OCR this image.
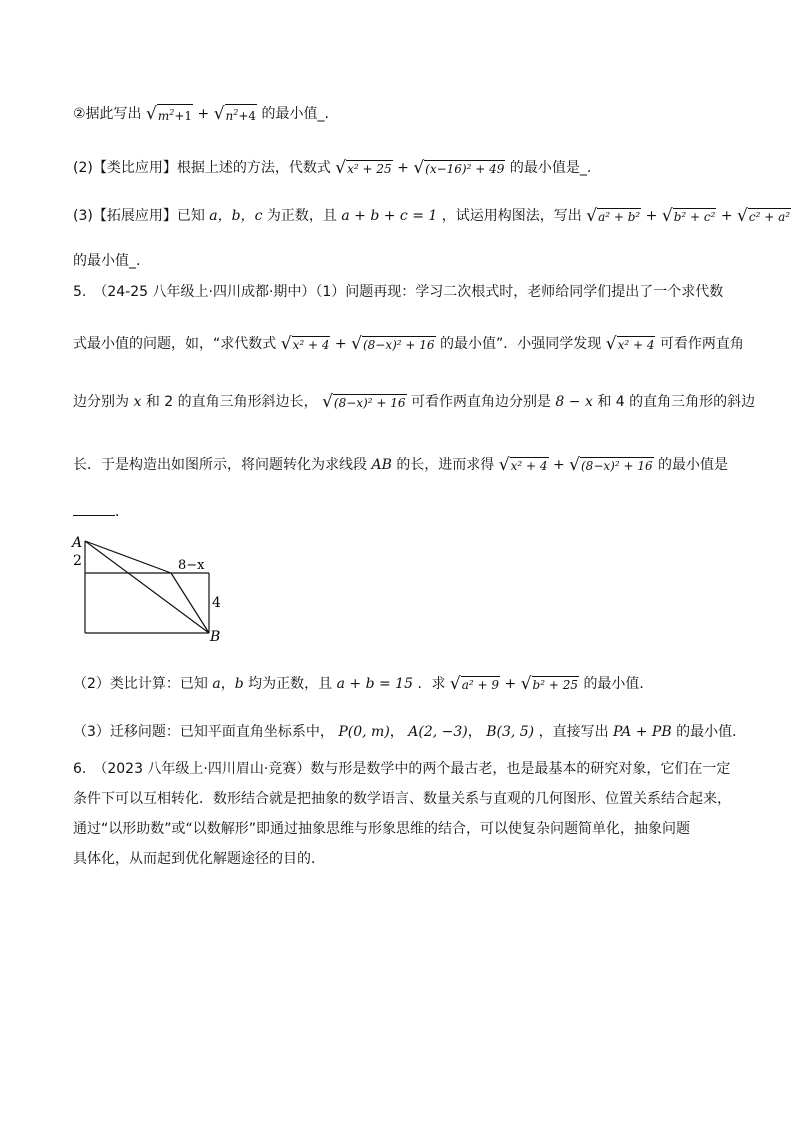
②据此写出 $√m^2+1 + √n^2+4$ 的最小值_.
(2)【类比应用】根据上述的方法，代数式 √x² + 25 + √(x−16)² + 49 的最小值是_.
(3)【拓展应用】已知 a，b，c 为正数，且 a + b + c = 1 ，试运用构图法，写出 √a² + b² + √b² + c² + √c² + a²
的最小值_.
5.　（24-25 八年级上·四川成都·期中）（1）问题再现：学习二次根式时，老师给同学们提出了一个求代数
式最小值的问题，如，“求代数式 √x² + 4 + √(8−x)² + 16 的最小值”．小强同学发现 √x² + 4 可看作两直角
边分别为 x 和 2 的直角三角形斜边长， √(8−x)² + 16 可看作两直角边分别是 8 − x 和 4 的直角三角形的斜边
长．于是构造出如图所示，将问题转化为求线段 AB 的长，进而求得 √x² + 4 + √(8−x)² + 16 的最小值是
．
A
2	8−x
4
B
（2）类比计算：已知 a，b 均为正数，且 a + b = 15 ．求 √a² + 9 + √b² + 25 的最小值．
（3）迁移问题：已知平面直角坐标系中， P(0, m)， A(2, −3)， B(3, 5) ，直接写出 PA + PB 的最小值．
6.　（2023 八年级上·四川眉山·竞赛）数与形是数学中的两个最古老，也是最基本的研究对象，它们在一定
条件下可以互相转化．数形结合就是把抽象的数学语言、数量关系与直观的几何图形、位置关系结合起来，
通过“以形助数”或“以数解形”即通过抽象思维与形象思维的结合，可以使复杂问题简单化，抽象问题
具体化，从而起到优化解题途径的目的．
